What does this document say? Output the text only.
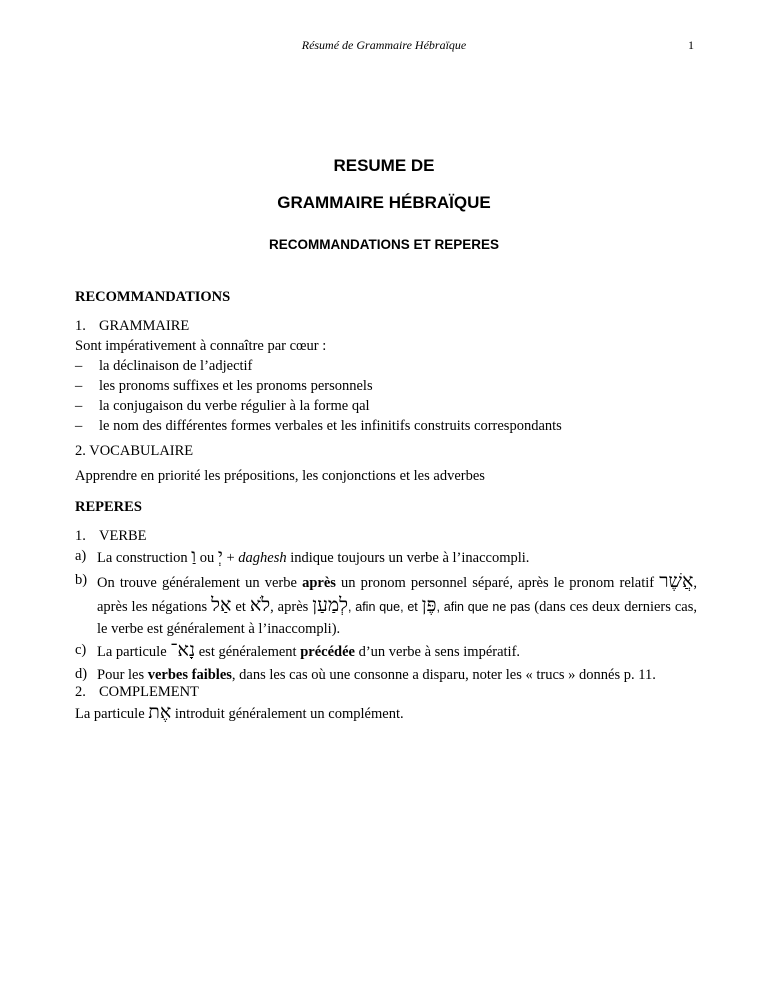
Résumé de Grammaire Hébraïque	1
RESUME DE
GRAMMAIRE HÉBRAÏQUE
RECOMMANDATIONS ET REPERES
RECOMMANDATIONS
1. GRAMMAIRE
Sont impérativement à connaître par cœur :
– la déclinaison de l’adjectif
– les pronoms suffixes et les pronoms personnels
– la conjugaison du verbe régulier à la forme qal
– le nom des différentes formes verbales et les infinitifs construits correspondants
2. VOCABULAIRE
Apprendre en priorité les prépositions, les conjonctions et les adverbes
REPERES
1. VERBE
a) La construction וַ ou יְ + daghesh indique toujours un verbe à l’inaccompli.
b) On trouve généralement un verbe après un pronom personnel séparé, après le pronom relatif אֲשֶׁר, après les négations אַל et לֹא, après לְמַעַן, afin que, et פֶּן, afin que ne pas (dans ces deux derniers cas, le verbe est généralement à l’inaccompli).
c) La particule נָא־ est généralement précédée d’un verbe à sens impératif.
d) Pour les verbes faibles, dans les cas où une consonne a disparu, noter les « trucs » donnés p. 11.
2. COMPLEMENT
La particule אֶת introduit généralement un complément.
